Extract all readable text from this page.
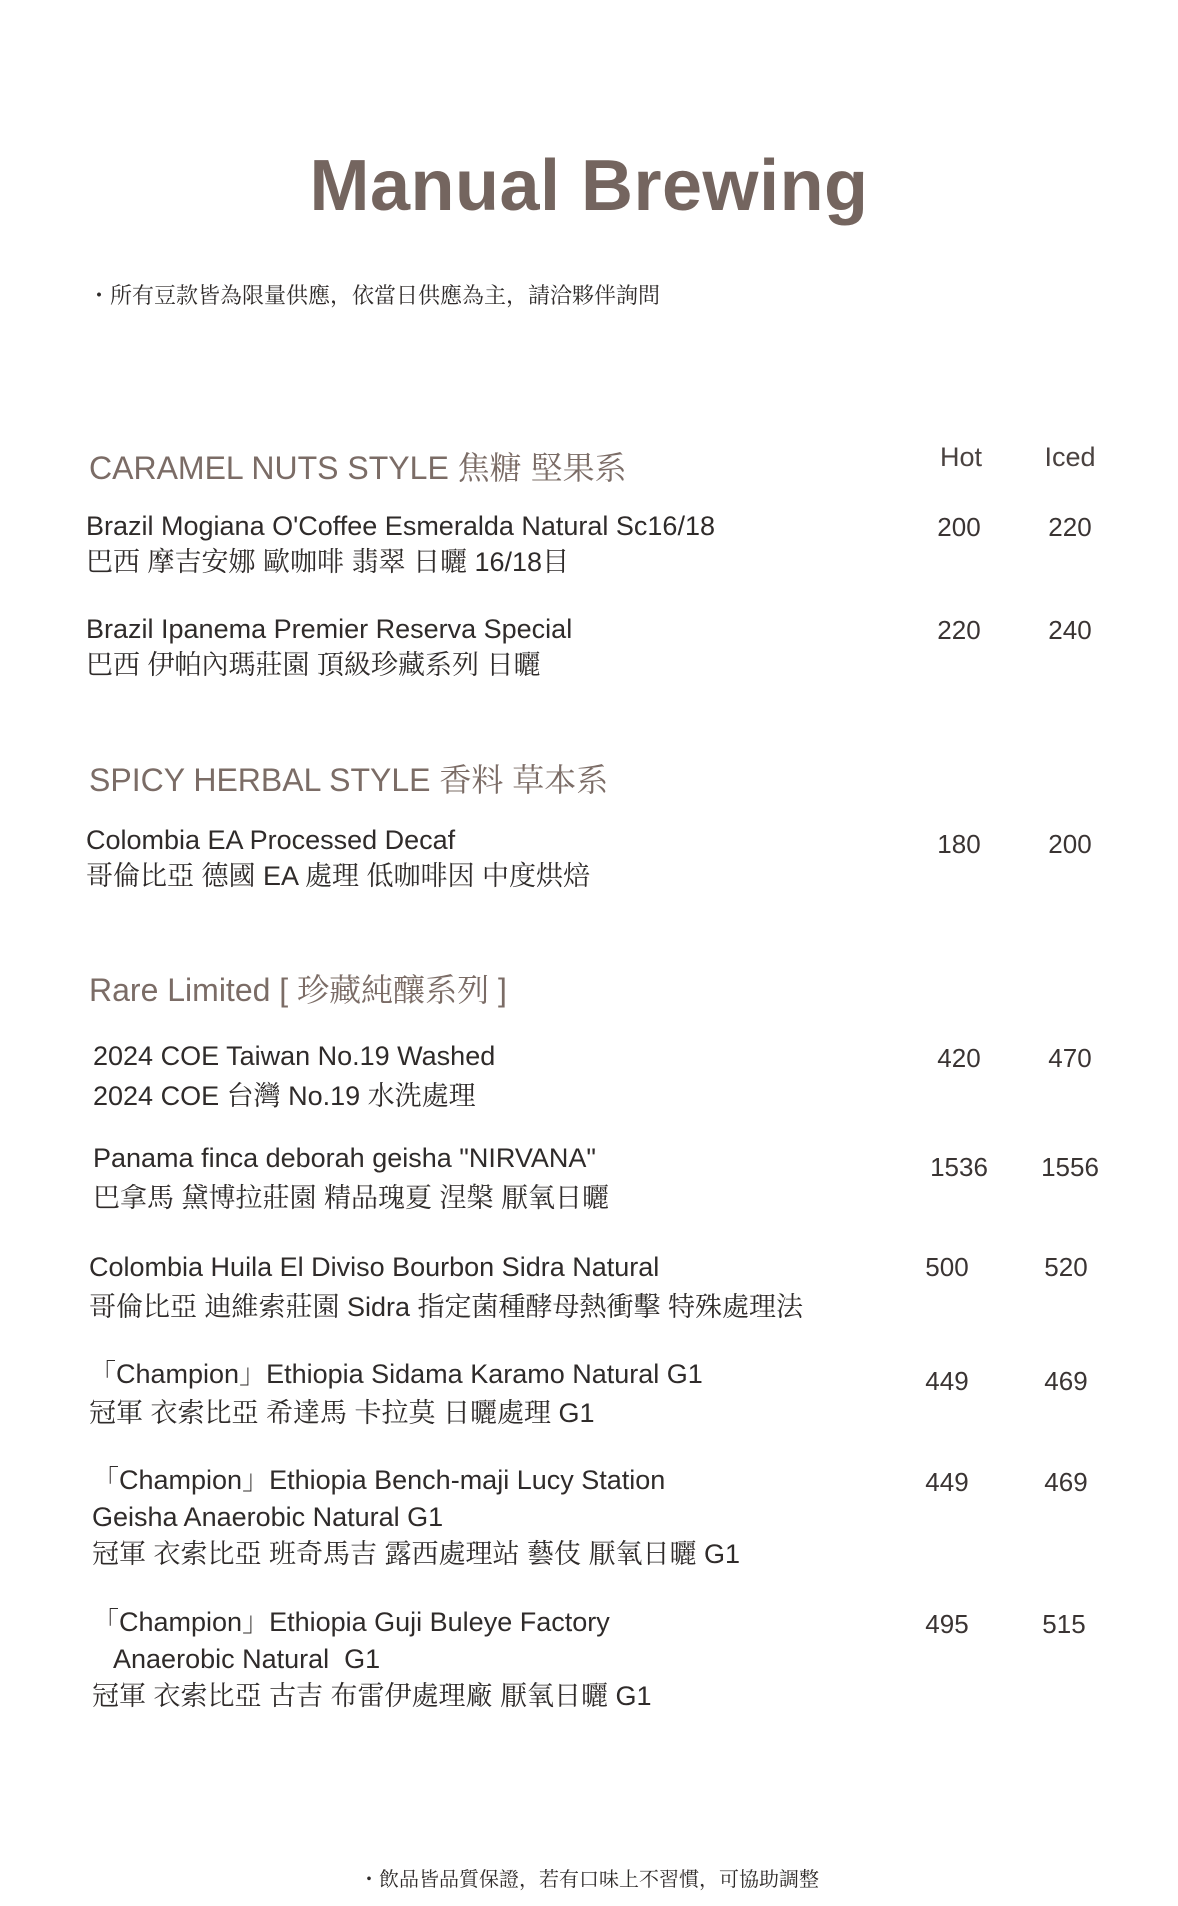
Manual Brewing
・所有豆款皆為限量供應，依當日供應為主，請洽夥伴詢問
CARAMEL NUTS STYLE 焦糖 堅果系	Hot	Iced
Brazil Mogiana O'Coffee Esmeralda Natural Sc16/18
巴西 摩吉安娜 歐咖啡 翡翠 日曬 16/18目
200	220
Brazil Ipanema Premier Reserva Special
巴西 伊帕內瑪莊園 頂級珍藏系列 日曬
220	240
SPICY HERBAL STYLE 香料 草本系
Colombia EA Processed Decaf
哥倫比亞 德國 EA 處理 低咖啡因 中度烘焙
180	200
Rare Limited [ 珍藏純釀系列 ]
2024 COE Taiwan No.19 Washed
2024 COE 台灣 No.19 水洗處理
420	470
Panama finca deborah geisha "NIRVANA"
巴拿馬 黛博拉莊園 精品瑰夏 涅槃 厭氧日曬
1536	1556
Colombia Huila El Diviso Bourbon Sidra Natural
哥倫比亞 迪維索莊園 Sidra 指定菌種酵母熱衝擊 特殊處理法
500	520
「Champion」Ethiopia Sidama Karamo Natural G1
冠軍 衣索比亞 希達馬 卡拉莫 日曬處理 G1
449	469
「Champion」Ethiopia Bench-maji Lucy Station
Geisha Anaerobic Natural G1
冠軍 衣索比亞 班奇馬吉 露西處理站 藝伎 厭氧日曬 G1
449	469
「Champion」Ethiopia Guji Buleye Factory
Anaerobic Natural  G1
冠軍 衣索比亞 古吉 布雷伊處理廠 厭氧日曬 G1
495	515
・飲品皆品質保證，若有口味上不習慣，可協助調整
